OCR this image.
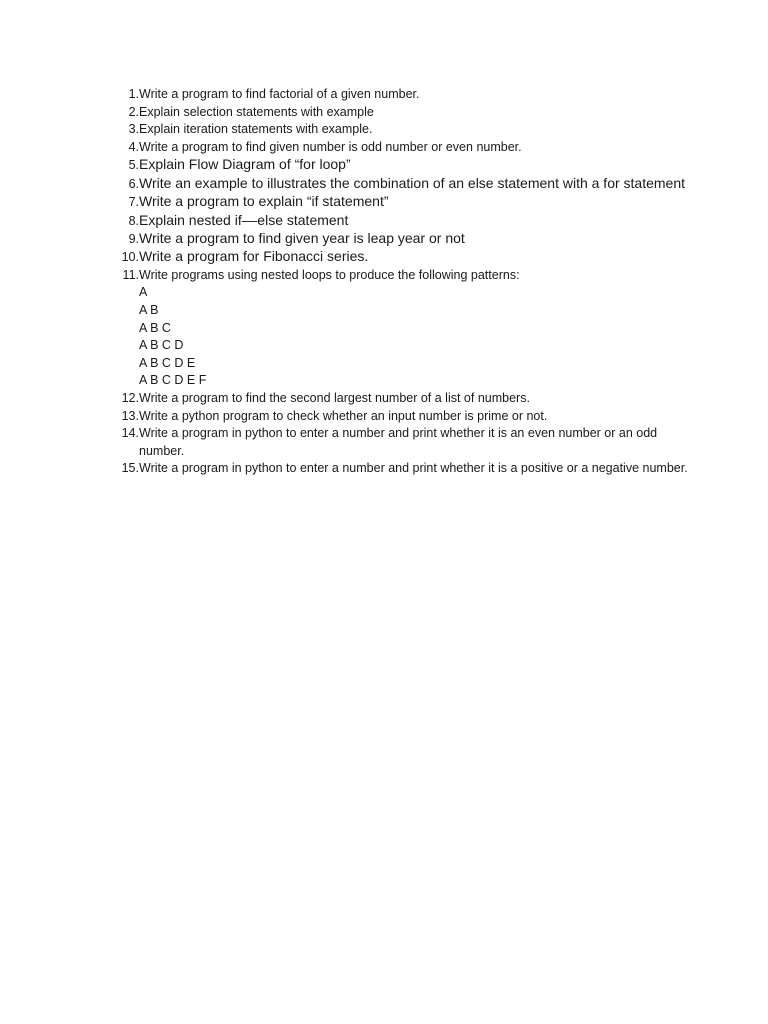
1. Write a program to find factorial of a given number.
2. Explain selection statements with example
3. Explain iteration statements with example.
4. Write a program to find given number is odd number or even number.
5. Explain Flow Diagram of “for loop”
6. Write an example to illustrates the combination of an else statement with a for statement
7. Write a program to explain “if statement”
8. Explain nested if––else statement
9. Write a program to find given year is leap year or not
10. Write a program for Fibonacci series.
11. Write programs using nested loops to produce the following patterns:
A
A B
A B C
A B C D
A B C D E
A B C D E F
12. Write a program to find the second largest number of a list of numbers.
13. Write a python program to check whether an input number is prime or not.
14. Write a program in python to enter a number and print whether it is an even number or an odd number.
15. Write a program in python to enter a number and print whether it is a positive or a negative number.
